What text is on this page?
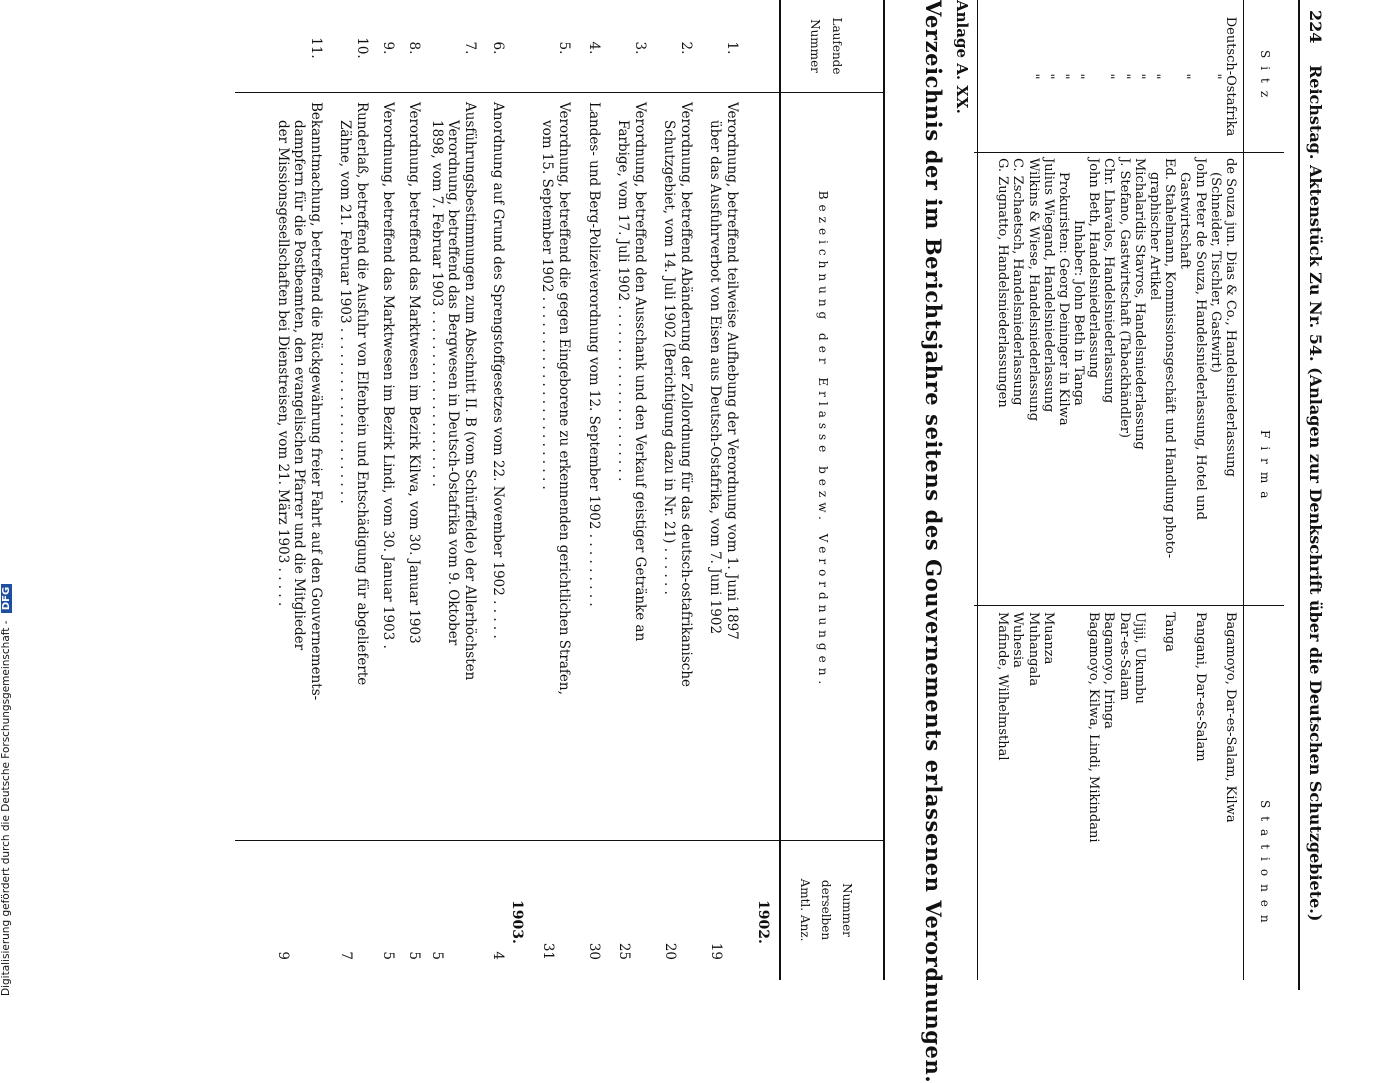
224 Reichstag. Aktenstück Zu Nr. 54. (Anlagen zur Denkschrift über die Deutschen Schutzgebiete.)
Sitz
Firma
Stationen
Deutsch-Ostafrika
"
"
"
"
"
"
"
"
"
"
de Souza jun. Dias & Co., Handelsniederlassung
(Schneider, Tischler, Gastwirt)
John Peter de Souza, Handelsniederlassung, Hotel und
Gastwirtschaft
Ed. Stahelmann, Kommissionsgeschäft und Handlung photo-
graphischer Artikel
Michalaridis Stavros, Handelsniederlassung
J. Stefano, Gastwirtschaft (Tabackhändler)
Chr. Lhavalos, Handelsniederlassung
John Beth, Handelsniederlassung
Inhaber: John Beth in Tanga
Prokuristen: Georg Deininger in Kilwa
Julius Wiegand, Handelsniederlassung
Wilkins & Wiese, Handelsniederlassung
C. Zschaetsch, Handelsniederlassung
G. Zugnatto, Handelsniederlassungen
Bagamoyo, Dar-es-Salam, Kilwa
Pangani, Dar-es-Salam
Tanga
Ujiji, Ukumbu
Dar-es-Salam
Bagamoyo, Iringa
Bagamoyo, Kilwa, Lindi, Mikindani
Muanza
Muhangala
Wuhesia
Mafinde, Wilhelmsthal
Anlage A. XX.
Verzeichnis der im Berichtsjahre seitens des Gouvernements erlassenen Verordnungen.
Laufende
Nummer
Bezeichnung der Erlasse bezw. Verordnungen.
Nummer
derselben
Amtl. Anz.
1902.
1.
Verordnung, betreffend teilweise Aufhebung der Verordnung vom 1. Juni 1897
über das Ausfuhrverbot von Eisen aus Deutsch-Ostafrika, vom 7. Juni 1902
19
2.
Verordnung, betreffend Abänderung der Zollordnung für das deutsch-ostafrikanische
Schutzgebiet, vom 14. Juli 1902 (Berichtigung dazu in Nr. 21) . . . . . .
20
3.
Verordnung, betreffend den Ausschank und den Verkauf geistiger Getränke an
Farbige, vom 17. Juli 1902 . . . . . . . . . . . . . . . . . . . . .
25
4.
Landes- und Berg-Polizeiverordnung vom 12. September 1902 . . . . . . . . .
30
5.
Verordnung, betreffend die gegen Eingeborene zu erkennenden gerichtlichen Strafen,
vom 15. September 1902 . . . . . . . . . . . . . . . . . . . . . . .
31
1903.
6.
Anordnung auf Grund des Sprengstoffgesetzes vom 22. November 1902 . . . . .
4
7.
Ausführungsbestimmungen zum Abschnitt II. B (vom Schürffelde) der Allerhöchsten
Verordnung, betreffend das Bergwesen in Deutsch-Ostafrika vom 9. Oktober
1898, vom 7. Februar 1903 . . . . . . . . . . . . . . . . . . . . .
5
8.
Verordnung, betreffend das Marktwesen im Bezirk Kilwa, vom 30. Januar 1903
5
9.
Verordnung, betreffend das Marktwesen im Bezirk Lindi, vom 30. Januar 1903 .
5
10.
Runderlaß, betreffend die Ausfuhr von Elfenbein und Entschädigung für abgelieferte
Zähne, vom 21. Februar 1903 . . . . . . . . . . . . . . . . . . . . .
7
11.
Bekanntmachung, betreffend die Rückgewährung freier Fahrt auf den Gouvernements-
dampfern für die Postbeamten, den evangelischen Pfarrer und die Mitglieder
der Missionsgesellschaften bei Dienstreisen, vom 21. März 1903 . . . . .
9
Digitalisierung gefördert durch die Deutsche Forschungsgemeinschaft - DFG
